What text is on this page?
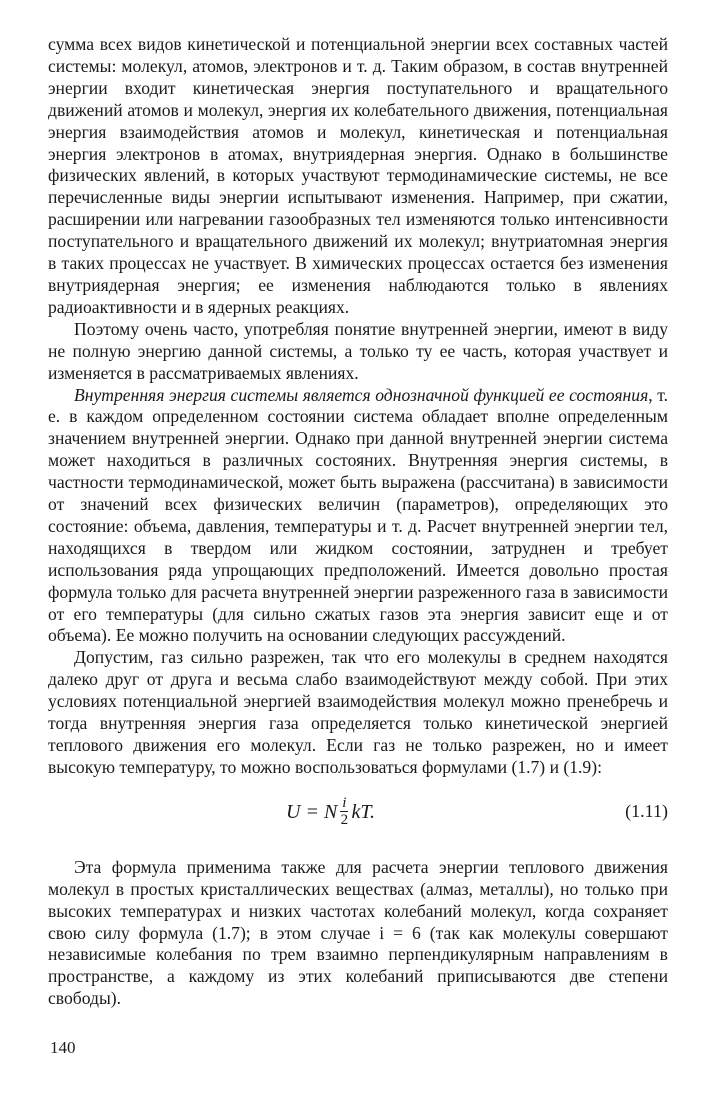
сумма всех видов кинетической и потенциальной энергии всех составных частей системы: молекул, атомов, электронов и т. д. Таким образом, в состав внутренней энергии входит кинетическая энергия поступательного и вращательного движений атомов и молекул, энергия их колебательного движения, потенциальная энергия взаимодействия атомов и молекул, кинетическая и потенциальная энергия электронов в атомах, внутриядерная энергия. Однако в большинстве физических явлений, в которых участвуют термодинамические системы, не все перечисленные виды энергии испытывают изменения. Например, при сжатии, расширении или нагревании газообразных тел изменяются только интенсивности поступательного и вращательного движений их молекул; внутриатомная энергия в таких процессах не участвует. В химических процессах остается без изменения внутриядерная энергия; ее изменения наблюдаются только в явлениях радиоактивности и в ядерных реакциях.

Поэтому очень часто, употребляя понятие внутренней энергии, имеют в виду не полную энергию данной системы, а только ту ее часть, которая участвует и изменяется в рассматриваемых явлениях.

Внутренняя энергия системы является однозначной функцией ее состояния, т. е. в каждом определенном состоянии система обладает вполне определенным значением внутренней энергии. Однако при данной внутренней энергии система может находиться в различных состояних. Внутренняя энергия системы, в частности термодинамической, может быть выражена (рассчитана) в зависимости от значений всех физических величин (параметров), определяющих это состояние: объема, давления, температуры и т. д. Расчет внутренней энергии тел, находящихся в твердом или жидком состоянии, затруднен и требует использования ряда упрощающих предположений. Имеется довольно простая формула только для расчета внутренней энергии разреженного газа в зависимости от его температуры (для сильно сжатых газов эта энергия зависит еще и от объема). Ее можно получить на основании следующих рассуждений.

Допустим, газ сильно разрежен, так что его молекулы в среднем находятся далеко друг от друга и весьма слабо взаимодействуют между собой. При этих условиях потенциальной энергией взаимодействия молекул можно пренебречь и тогда внутренняя энергия газа определяется только кинетической энергией теплового движения его молекул. Если газ не только разрежен, но и имеет высокую температуру, то можно воспользоваться формулами (1.7) и (1.9):

U = N $\frac{i}{2}$ kT.	(1.11)

Эта формула применима также для расчета энергии теплового движения молекул в простых кристаллических веществах (алмаз, металлы), но только при высоких температурах и низких частотах колебаний молекул, когда сохраняет свою силу формула (1.7); в этом случае i = 6 (так как молекулы совершают независимые колебания по трем взаимно перпендикулярным направлениям в пространстве, а каждому из этих колебаний приписываются две степени свободы).

140
